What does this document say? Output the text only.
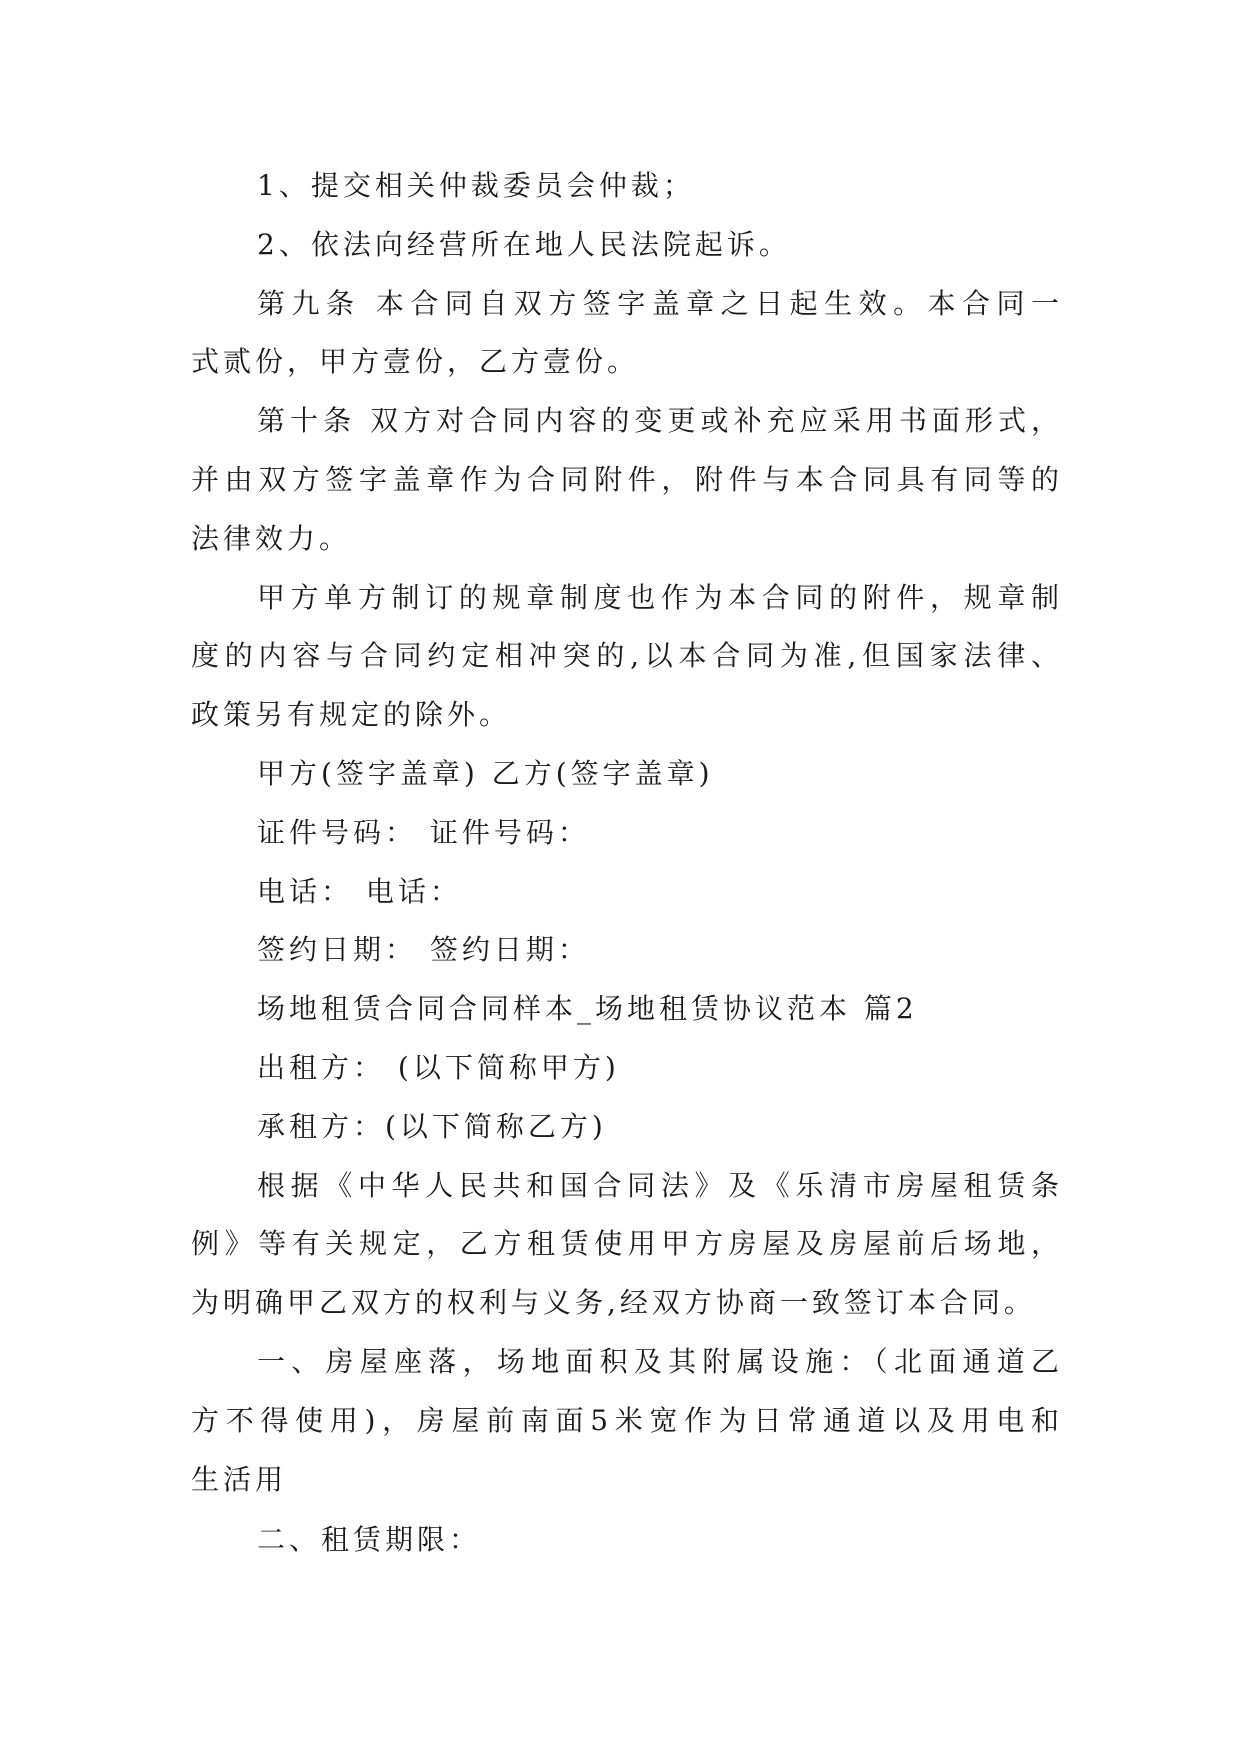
1、提交相关仲裁委员会仲裁；
2、依法向经营所在地人民法院起诉。
第九条 本合同自双方签字盖章之日起生效。本合同一
式贰份，甲方壹份，乙方壹份。
第十条 双方对合同内容的变更或补充应采用书面形式，
并由双方签字盖章作为合同附件，附件与本合同具有同等的
法律效力。
甲方单方制订的规章制度也作为本合同的附件，规章制
度的内容与合同约定相冲突的,以本合同为准,但国家法律、
政策另有规定的除外。
甲方(签字盖章) 乙方(签字盖章)
证件号码： 证件号码：
电话： 电话：
签约日期： 签约日期：
场地租赁合同合同样本_场地租赁协议范本 篇2
出租方： (以下简称甲方)
承租方：(以下简称乙方)
根据《中华人民共和国合同法》及《乐清市房屋租赁条
例》等有关规定，乙方租赁使用甲方房屋及房屋前后场地，
为明确甲乙双方的权利与义务,经双方协商一致签订本合同。
一、房屋座落，场地面积及其附属设施：（北面通道乙
方不得使用)，房屋前南面5米宽作为日常通道以及用电和
生活用
二、租赁期限：
